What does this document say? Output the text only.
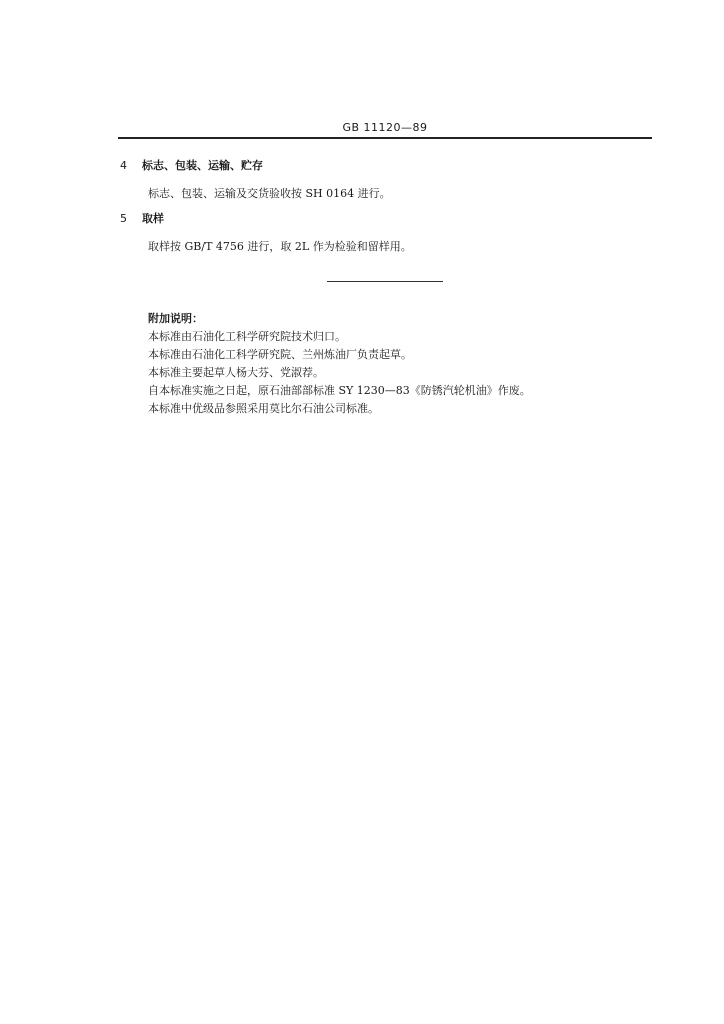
GB 11120—89
4 标志、包装、运输、贮存
标志、包装、运输及交货验收按 SH 0164 进行。
5 取样
取样按 GB/T 4756 进行，取 2L 作为检验和留样用。
附加说明：
本标准由石油化工科学研究院技术归口。
本标准由石油化工科学研究院、兰州炼油厂负责起草。
本标准主要起草人杨大芬、党淑荐。
自本标准实施之日起，原石油部部标准 SY 1230—83《防锈汽轮机油》作废。
本标准中优级品参照采用莫比尔石油公司标准。
